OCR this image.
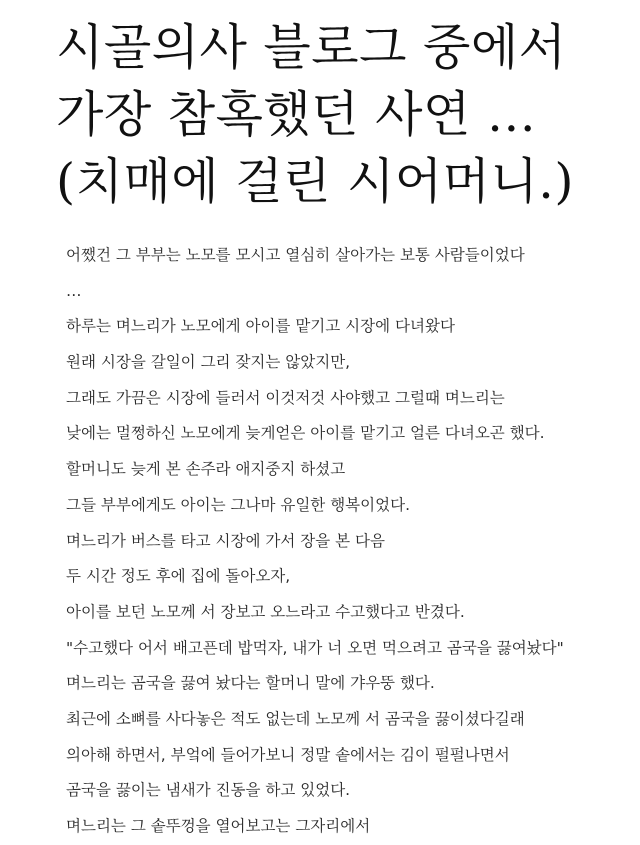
시골의사 블로그 중에서
가장 참혹했던 사연 …
(치매에 걸린 시어머니.)

어쨌건 그 부부는 노모를 모시고 열심히 살아가는 보통 사람들이었다

…

하루는 며느리가 노모에게 아이를 맡기고 시장에 다녀왔다

원래 시장을 갈일이 그리 잦지는 않았지만,

그래도 가끔은 시장에 들러서 이것저것 사야했고 그럴때 며느리는

낮에는 멀쩡하신 노모에게 늦게얻은 아이를 맡기고 얼른 다녀오곤 했다.

할머니도 늦게 본 손주라 애지중지 하셨고

그들 부부에게도 아이는 그나마 유일한 행복이었다.

며느리가 버스를 타고 시장에 가서 장을 본 다음

두 시간 정도 후에 집에 돌아오자,

아이를 보던 노모께 서 장보고 오느라고 수고했다고 반겼다.

"수고했다 어서 배고픈데 밥먹자, 내가 너 오면 먹으려고 곰국을 끓여놨다"

며느리는 곰국을 끓여 놨다는 할머니 말에 갸우뚱 했다.

최근에 소뼈를 사다놓은 적도 없는데 노모께 서 곰국을 끓이셨다길래

의아해 하면서, 부엌에 들어가보니 정말 솥에서는 김이 펄펄나면서

곰국을 끓이는 냄새가 진동을 하고 있었다.

며느리는 그 솥뚜껑을 열어보고는 그자리에서
